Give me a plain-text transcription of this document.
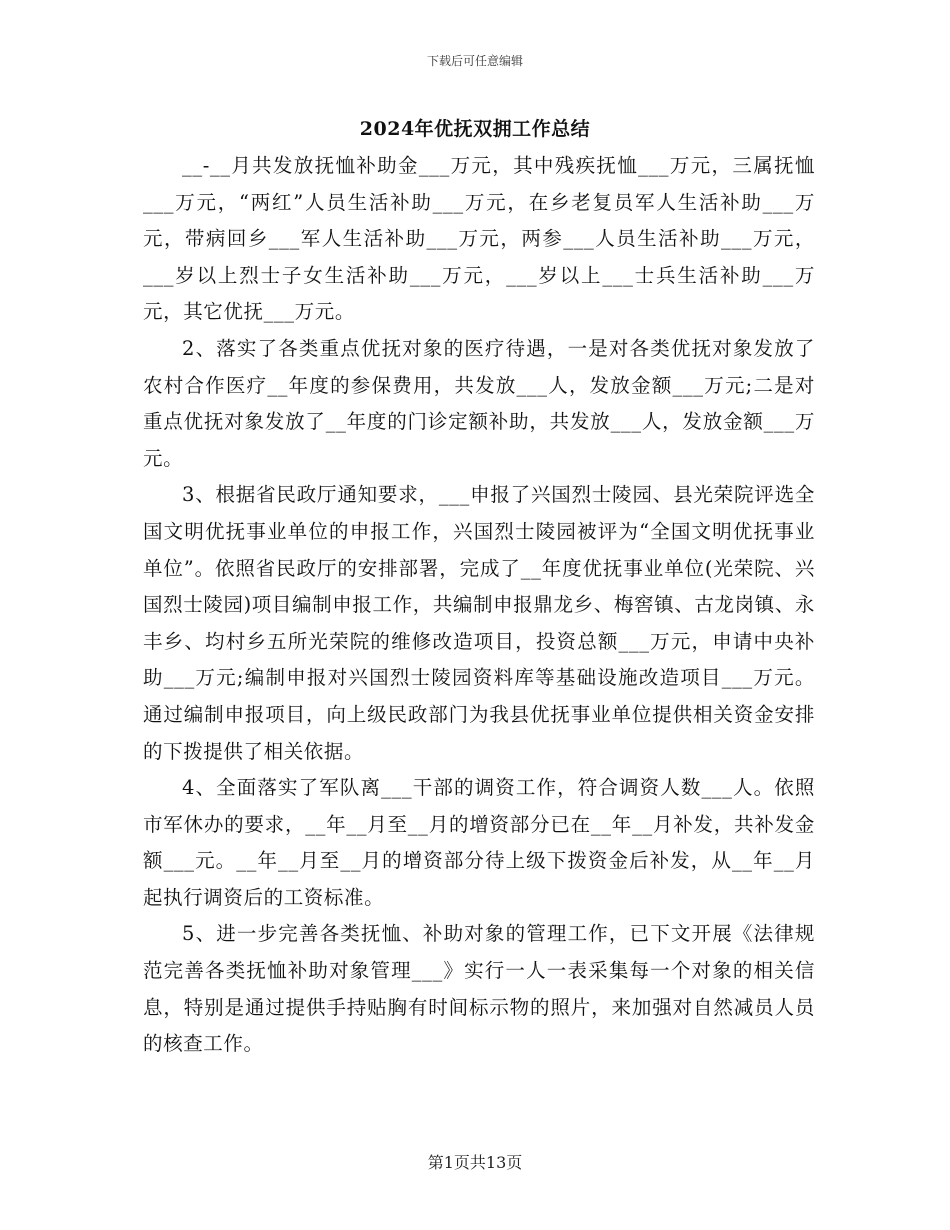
下载后可任意编辑
2024年优抚双拥工作总结

__-__月共发放抚恤补助金___万元，其中残疾抚恤___万元，三属抚恤___万元，“两红”人员生活补助___万元，在乡老复员军人生活补助___万元，带病回乡___军人生活补助___万元，两参___人员生活补助___万元，___岁以上烈士子女生活补助___万元，___岁以上___士兵生活补助___万元，其它优抚___万元。

2、落实了各类重点优抚对象的医疗待遇，一是对各类优抚对象发放了农村合作医疗__年度的参保费用，共发放___人，发放金额___万元;二是对重点优抚对象发放了__年度的门诊定额补助，共发放___人，发放金额___万元。

3、根据省民政厅通知要求，___申报了兴国烈士陵园、县光荣院评选全国文明优抚事业单位的申报工作，兴国烈士陵园被评为“全国文明优抚事业单位”。依照省民政厅的安排部署，完成了__年度优抚事业单位(光荣院、兴国烈士陵园)项目编制申报工作，共编制申报鼎龙乡、梅窖镇、古龙岗镇、永丰乡、均村乡五所光荣院的维修改造项目，投资总额___万元，申请中央补助___万元;编制申报对兴国烈士陵园资料库等基础设施改造项目___万元。通过编制申报项目，向上级民政部门为我县优抚事业单位提供相关资金安排的下拨提供了相关依据。

4、全面落实了军队离___干部的调资工作，符合调资人数___人。依照市军休办的要求，__年__月至__月的增资部分已在__年__月补发，共补发金额___元。__年__月至__月的增资部分待上级下拨资金后补发，从__年__月起执行调资后的工资标准。

5、进一步完善各类抚恤、补助对象的管理工作，已下文开展《法律规范完善各类抚恤补助对象管理___》实行一人一表采集每一个对象的相关信息，特别是通过提供手持贴胸有时间标示物的照片，来加强对自然减员人员的核查工作。

第1页共13页
